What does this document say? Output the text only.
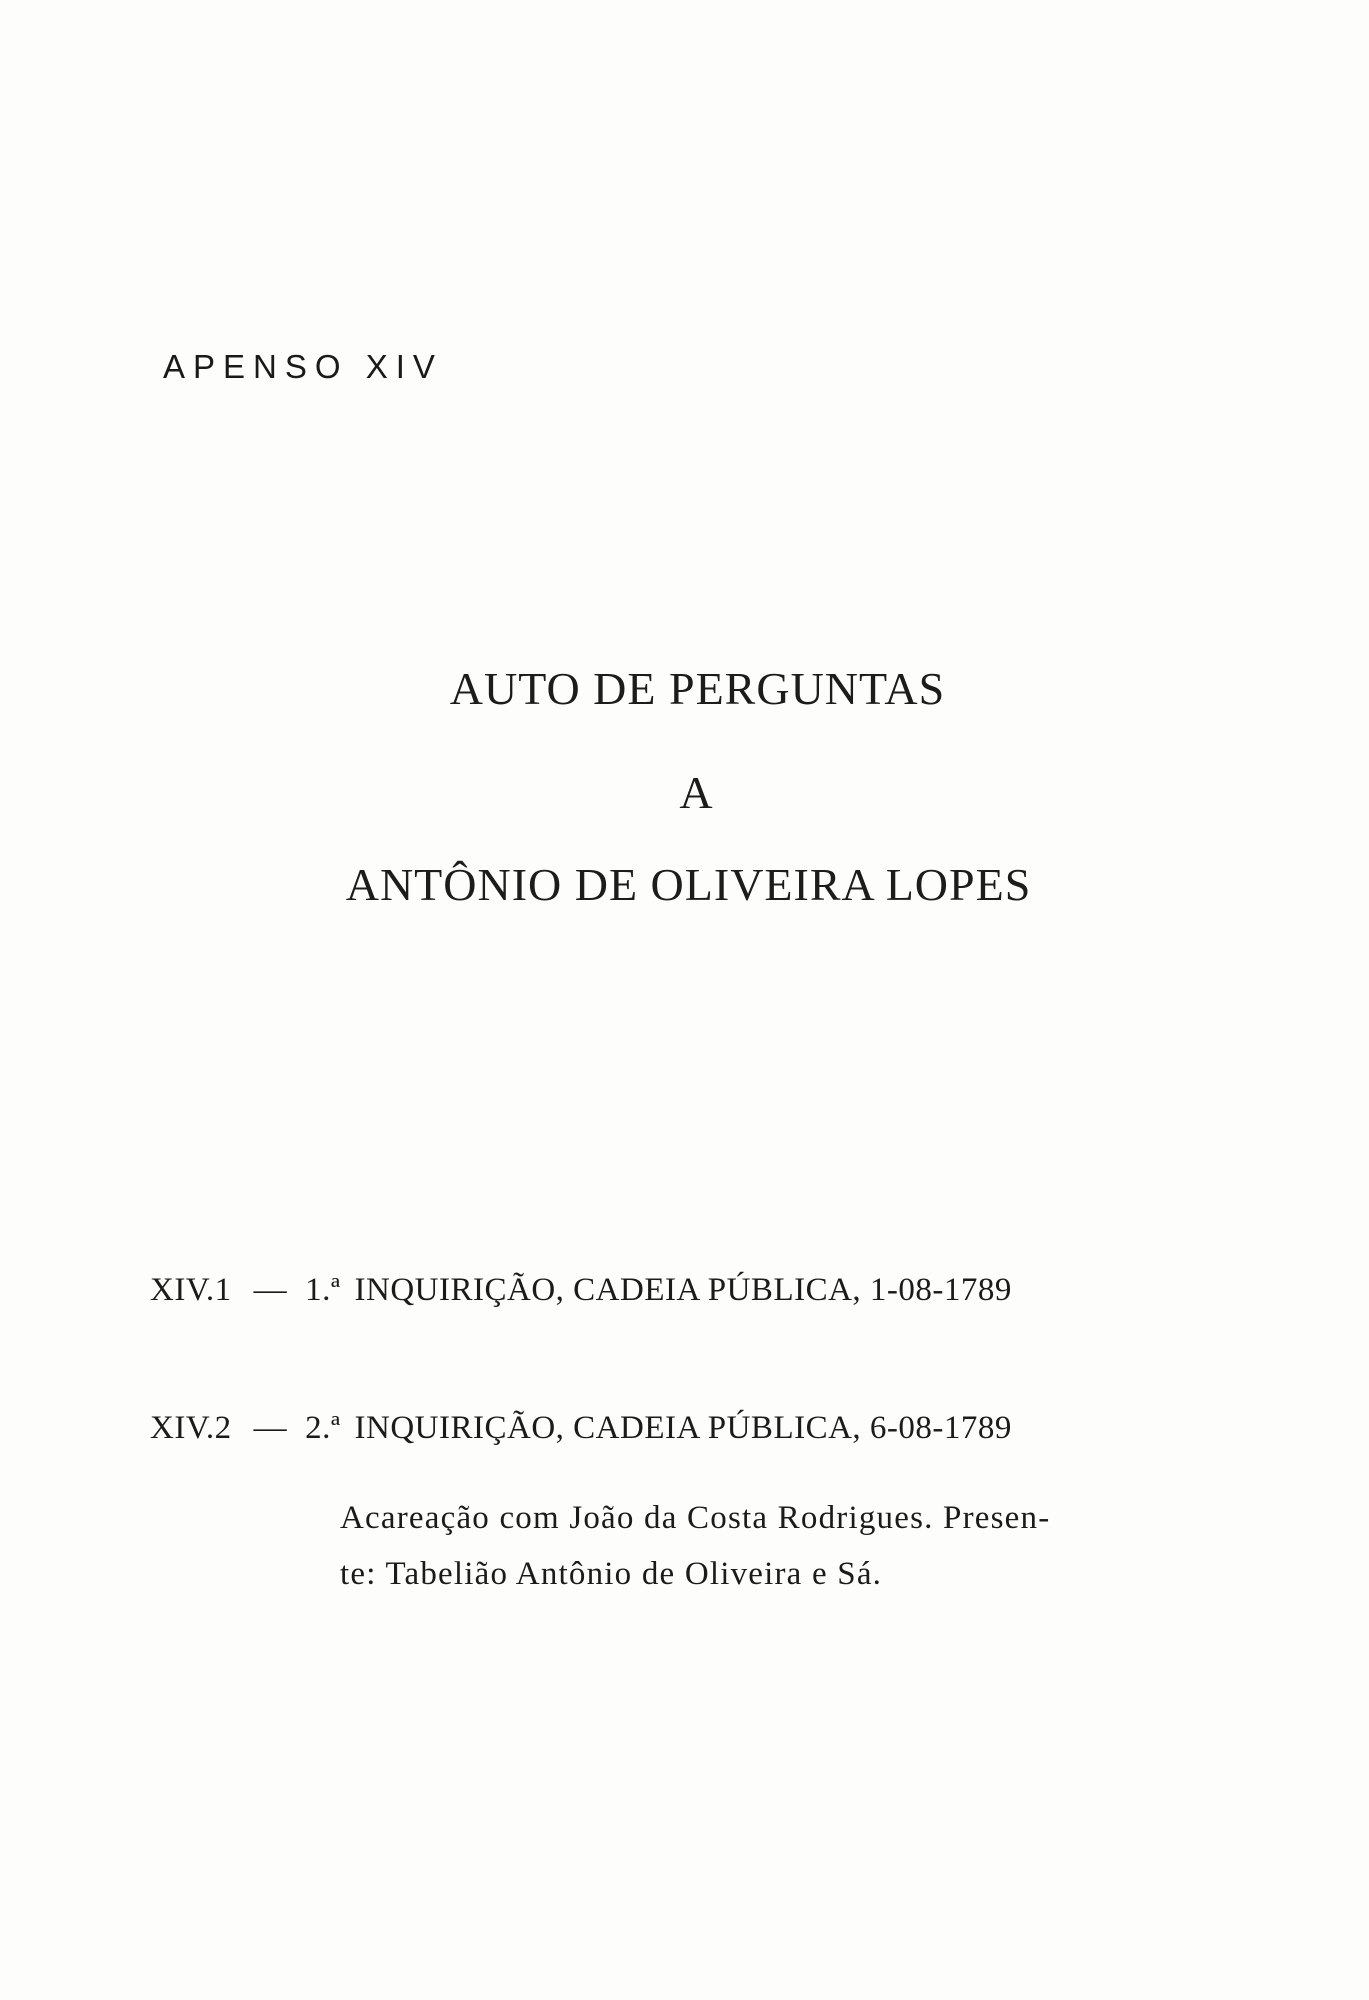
APENSO XIV
AUTO DE PERGUNTAS
A
ANTÔNIO DE OLIVEIRA LOPES
XIV.1 — 1.ª INQUIRIÇÃO, CADEIA PÚBLICA, 1-08-1789
XIV.2 — 2.ª INQUIRIÇÃO, CADEIA PÚBLICA, 6-08-1789
Acareação com João da Costa Rodrigues. Presen-
te: Tabelião Antônio de Oliveira e Sá.
